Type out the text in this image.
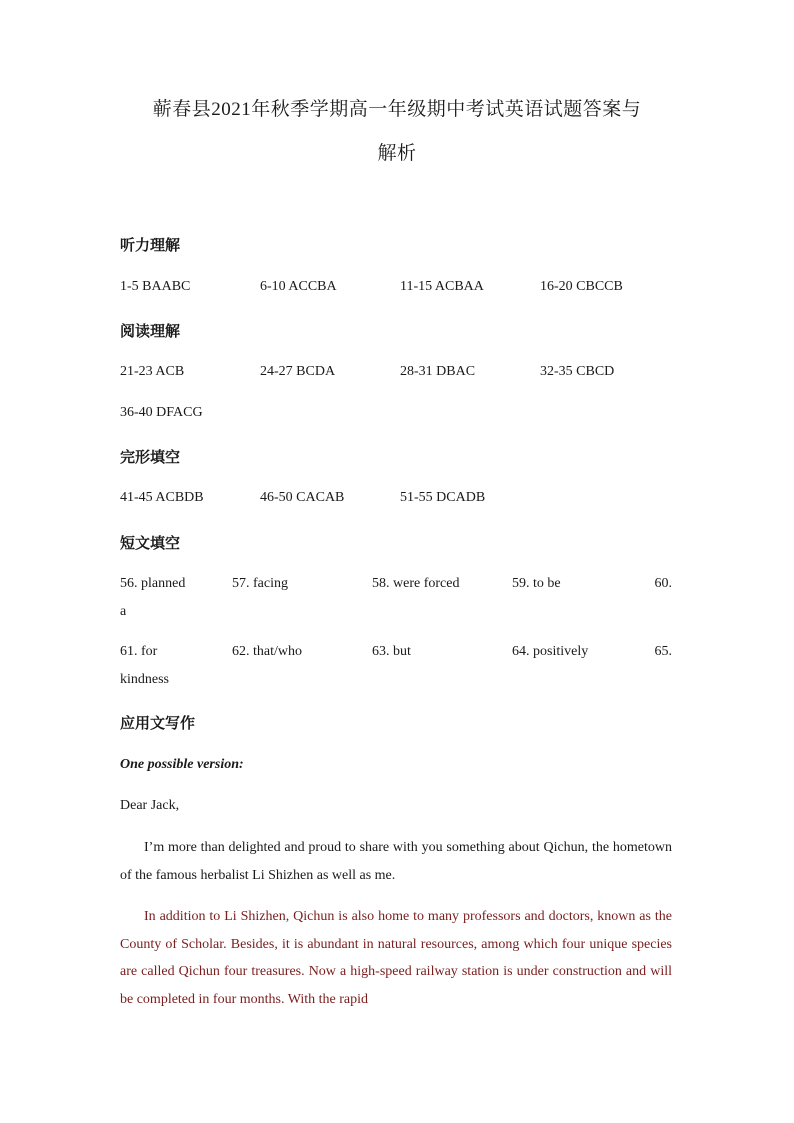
蕲春县2021年秋季学期高一年级期中考试英语试题答案与
解析
听力理解
1-5 BAABC	6-10 ACCBA	11-15 ACBAA	16-20 CBCCB
阅读理解
21-23 ACB	24-27 BCDA	28-31 DBAC	32-35 CBCD
36-40 DFACG
完形填空
41-45 ACBDB	46-50 CACAB	51-55 DCADB
短文填空
56. planned	57. facing	58. were forced	59. to be	60.
a
61. for	62. that/who	63. but	64. positively	65.
kindness
应用文写作
One possible version:
Dear Jack,
I’m more than delighted and proud to share with you something about Qichun, the hometown of the famous herbalist Li Shizhen as well as me.
In addition to Li Shizhen, Qichun is also home to many professors and doctors, known as the County of Scholar. Besides, it is abundant in natural resources, among which four unique species are called Qichun four treasures. Now a high-speed railway station is under construction and will be completed in four months. With the rapid
